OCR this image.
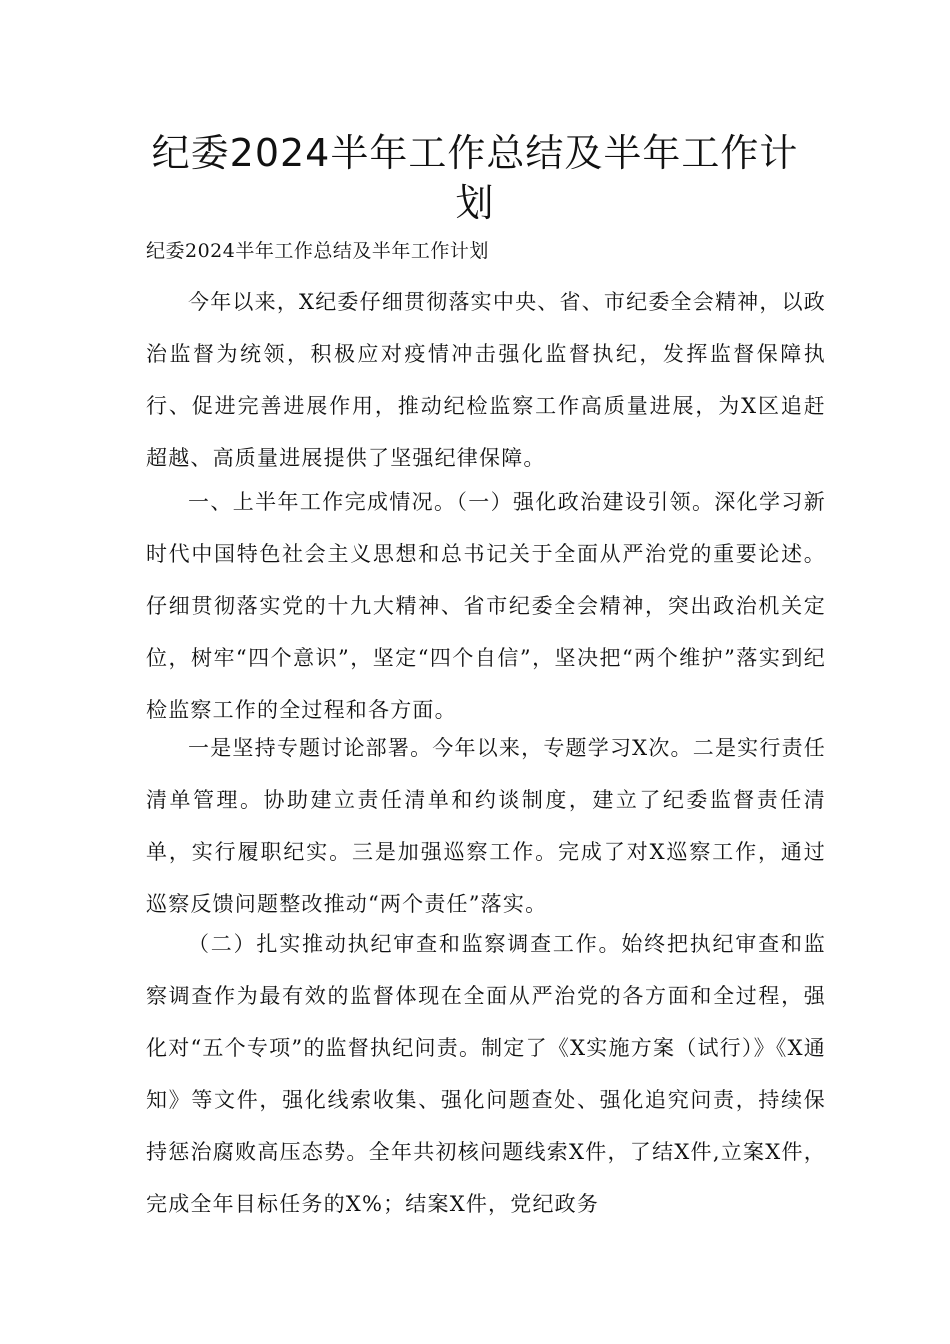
纪委2024半年工作总结及半年工作计
划
纪委2024半年工作总结及半年工作计划

今年以来，X纪委仔细贯彻落实中央、省、市纪委全会精神，以政治监督为统领，积极应对疫情冲击强化监督执纪，发挥监督保障执行、促进完善进展作用，推动纪检监察工作高质量进展，为X区追赶超越、高质量进展提供了坚强纪律保障。

一、上半年工作完成情况。（一）强化政治建设引领。深化学习新时代中国特色社会主义思想和总书记关于全面从严治党的重要论述。仔细贯彻落实党的十九大精神、省市纪委全会精神，突出政治机关定位，树牢“四个意识”，坚定“四个自信”，坚决把“两个维护”落实到纪检监察工作的全过程和各方面。

一是坚持专题讨论部署。今年以来，专题学习X次。二是实行责任清单管理。协助建立责任清单和约谈制度，建立了纪委监督责任清单，实行履职纪实。三是加强巡察工作。完成了对X巡察工作，通过巡察反馈问题整改推动“两个责任”落实。

（二）扎实推动执纪审查和监察调查工作。始终把执纪审查和监察调查作为最有效的监督体现在全面从严治党的各方面和全过程，强化对“五个专项”的监督执纪问责。制定了《X实施方案（试行）》《X通知》等文件，强化线索收集、强化问题查处、强化追究问责，持续保持惩治腐败高压态势。全年共初核问题线索X件，了结X件,立案X件，完成全年目标任务的X%；结案X件，党纪政务
